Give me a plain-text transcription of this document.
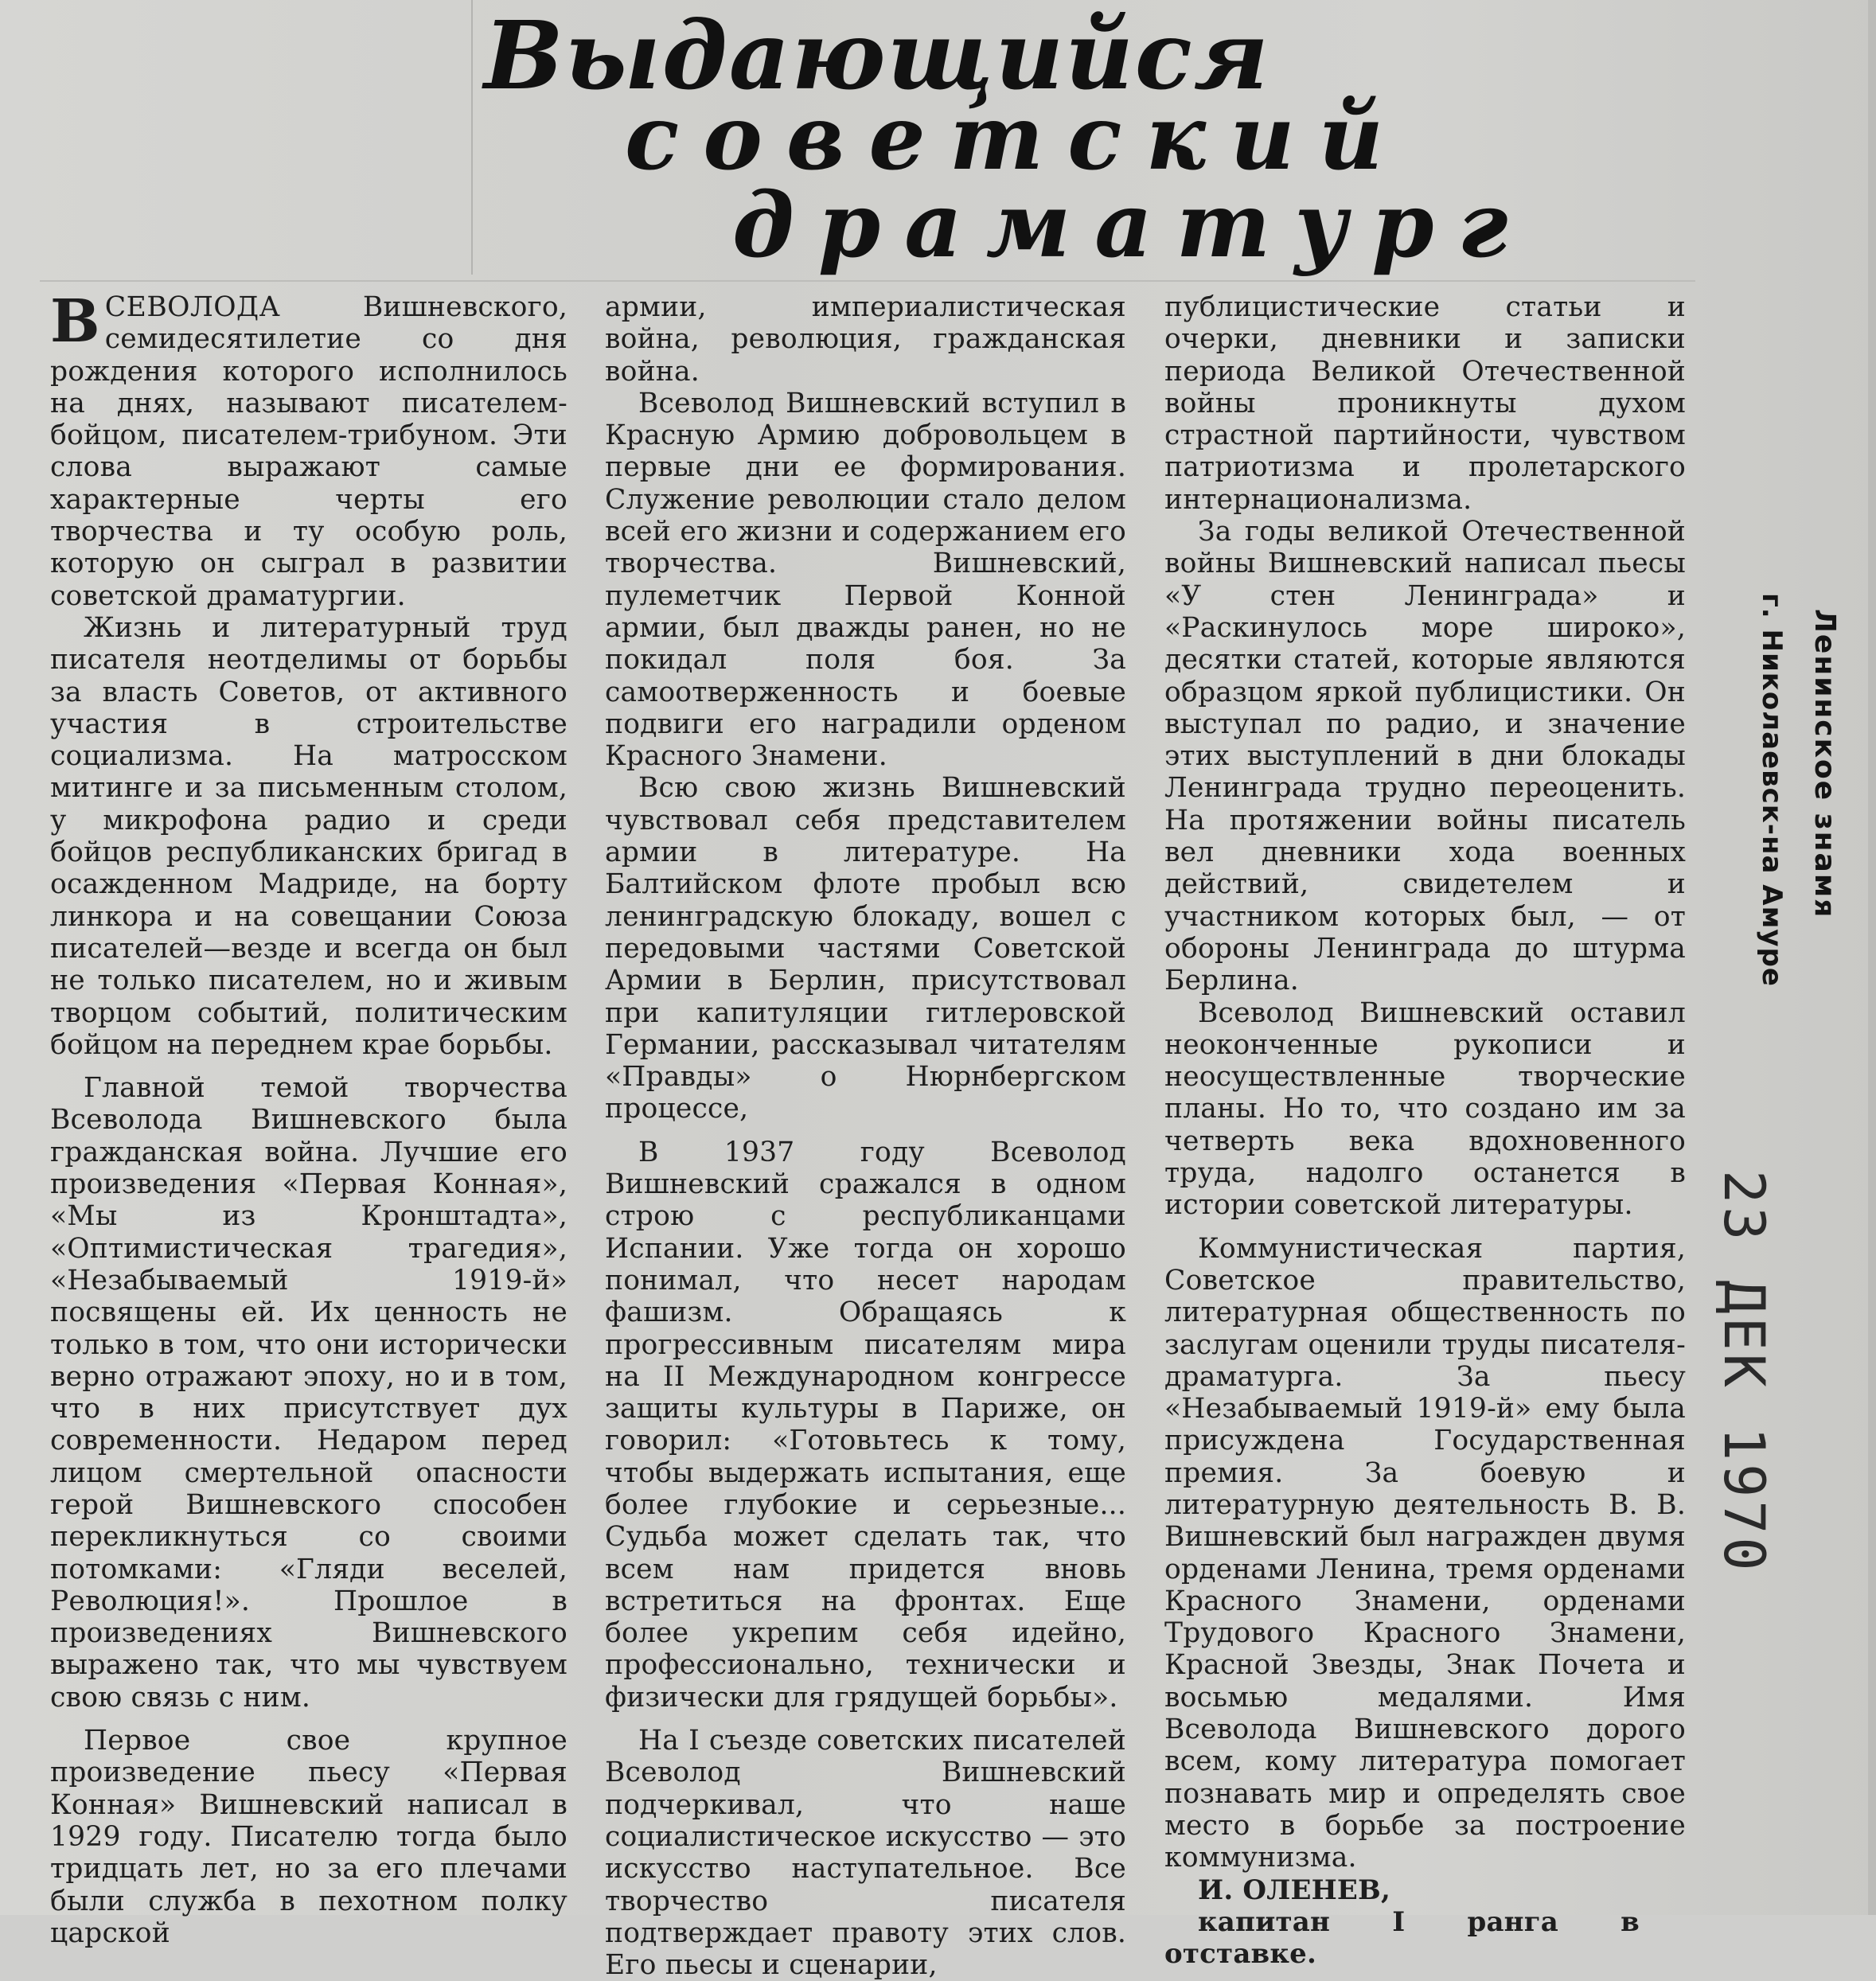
Выдающийся
советский
драматург

ВСЕВОЛОДА Вишневского, семидесятилетие со дня рождения которого исполнилось на днях, называют писателем-бойцом, писателем-трибуном. Эти слова выражают самые характерные черты его творчества и ту особую роль, которую он сыграл в развитии советской драматургии.

Жизнь и литературный труд писателя неотделимы от борьбы за власть Советов, от активного участия в строительстве социализма. На матросском митинге и за письменным столом, у микрофона радио и среди бойцов республиканских бригад в осажденном Мадриде, на борту линкора и на совещании Союза писателей—везде и всегда он был не только писателем, но и живым творцом событий, политическим бойцом на переднем крае борьбы.

Главной темой творчества Всеволода Вишневского была гражданская война. Лучшие его произведения «Первая Конная», «Мы из Кронштадта», «Оптимистическая трагедия», «Незабываемый 1919-й» посвящены ей. Их ценность не только в том, что они исторически верно отражают эпоху, но и в том, что в них присутствует дух современности. Недаром перед лицом смертельной опасности герой Вишневского способен перекликнуться со своими потомками: «Гляди веселей, Революция!». Прошлое в произведениях Вишневского выражено так, что мы чувствуем свою связь с ним.

Первое свое крупное произведение пьесу «Первая Конная» Вишневский написал в 1929 году. Писателю тогда было тридцать лет, но за его плечами были служба в пехотном полку царской

армии, империалистическая война, революция, гражданская война.

Всеволод Вишневский вступил в Красную Армию добровольцем в первые дни ее формирования. Служение революции стало делом всей его жизни и содержанием его творчества. Вишневский, пулеметчик Первой Конной армии, был дважды ранен, но не покидал поля боя. За самоотверженность и боевые подвиги его наградили орденом Красного Знамени.

Всю свою жизнь Вишневский чувствовал себя представителем армии в литературе. На Балтийском флоте пробыл всю ленинградскую блокаду, вошел с передовыми частями Советской Армии в Берлин, присутствовал при капитуляции гитлеровской Германии, рассказывал читателям «Правды» о Нюрнбергском процессе,

В 1937 году Всеволод Вишневский сражался в одном строю с республиканцами Испании. Уже тогда он хорошо понимал, что несет народам фашизм. Обращаясь к прогрессивным писателям мира на II Международном конгрессе защиты культуры в Париже, он говорил: «Готовьтесь к тому, чтобы выдержать испытания, еще более глубокие и серьезные... Судьба может сделать так, что всем нам придется вновь встретиться на фронтах. Еще более укрепим себя идейно, профессионально, технически и физически для грядущей борьбы».

На I съезде советских писателей Всеволод Вишневский подчеркивал, что наше социалистическое искусство — это искусство наступательное. Все творчество писателя подтверждает правоту этих слов. Его пьесы и сценарии,

публицистические статьи и очерки, дневники и записки периода Великой Отечественной войны проникнуты духом страстной партийности, чувством патриотизма и пролетарского интернационализма.

За годы великой Отечественной войны Вишневский написал пьесы «У стен Ленинграда» и «Раскинулось море широко», десятки статей, которые являются образцом яркой публицистики. Он выступал по радио, и значение этих выступлений в дни блокады Ленинграда трудно переоценить. На протяжении войны писатель вел дневники хода военных действий, свидетелем и участником которых был, — от обороны Ленинграда до штурма Берлина.

Всеволод Вишневский оставил неоконченные рукописи и неосуществленные творческие планы. Но то, что создано им за четверть века вдохновенного труда, надолго останется в истории советской литературы.

Коммунистическая партия, Советское правительство, литературная общественность по заслугам оценили труды писателя-драматурга. За пьесу «Незабываемый 1919-й» ему была присуждена Государственная премия. За боевую и литературную деятельность В. В. Вишневский был награжден двумя орденами Ленина, тремя орденами Красного Знамени, орденами Трудового Красного Знамени, Красной Звезды, Знак Почета и восьмью медалями. Имя Всеволода Вишневского дорого всем, кому литература помогает познавать мир и определять свое место в борьбе за построение коммунизма.

И. ОЛЕНЕВ,

капитан I ранга в отставке.

Ленинское знамя

г. Николаевск-на Амуре

23 ДЕК 1970
